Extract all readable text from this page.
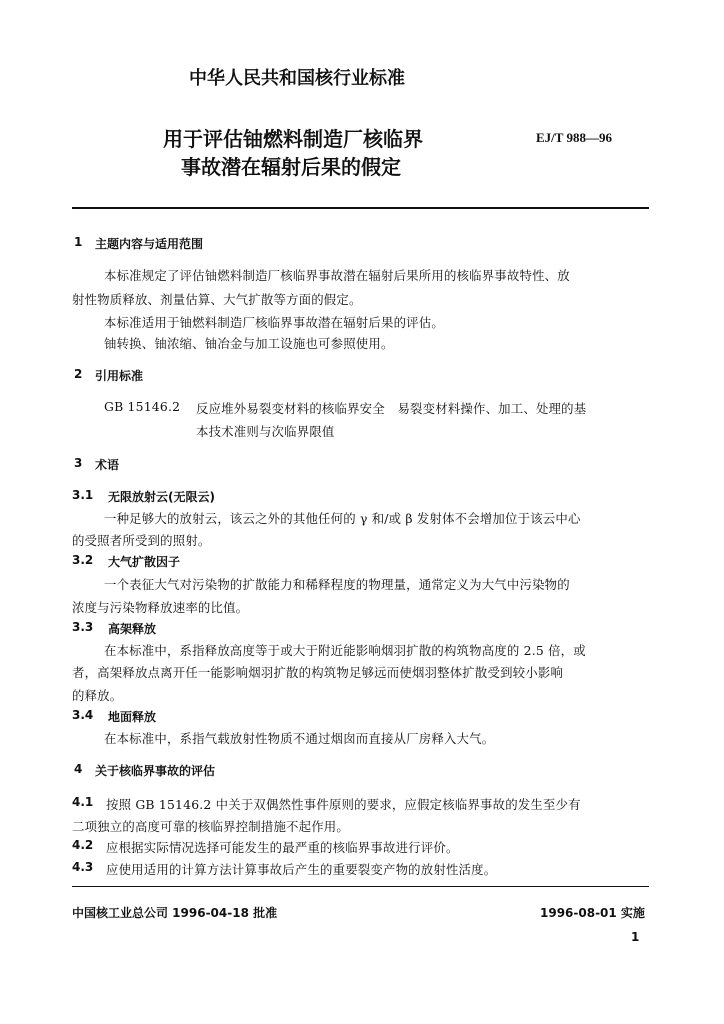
中华人民共和国核行业标准
用于评估铀燃料制造厂核临界
事故潜在辐射后果的假定
EJ/T 988—96
1 主题内容与适用范围
本标准规定了评估铀燃料制造厂核临界事故潜在辐射后果所用的核临界事故特性、放
射性物质释放、剂量估算、大气扩散等方面的假定。
本标准适用于铀燃料制造厂核临界事故潜在辐射后果的评估。
铀转换、铀浓缩、铀冶金与加工设施也可参照使用。
2 引用标准
GB 15146.2 反应堆外易裂变材料的核临界安全　易裂变材料操作、加工、处理的基
本技术准则与次临界限值
3 术语
3.1 无限放射云(无限云)
一种足够大的放射云，该云之外的其他任何的 γ 和/或 β 发射体不会增加位于该云中心
的受照者所受到的照射。
3.2 大气扩散因子
一个表征大气对污染物的扩散能力和稀释程度的物理量，通常定义为大气中污染物的
浓度与污染物释放速率的比值。
3.3 高架释放
在本标准中，系指释放高度等于或大于附近能影响烟羽扩散的构筑物高度的 2.5 倍，或
者，高架释放点离开任一能影响烟羽扩散的构筑物足够远而使烟羽整体扩散受到较小影响
的释放。
3.4 地面释放
在本标准中，系指气载放射性物质不通过烟囱而直接从厂房释入大气。
4 关于核临界事故的评估
4.1 按照 GB 15146.2 中关于双偶然性事件原则的要求，应假定核临界事故的发生至少有
二项独立的高度可靠的核临界控制措施不起作用。
4.2 应根据实际情况选择可能发生的最严重的核临界事故进行评价。
4.3 应使用适用的计算方法计算事故后产生的重要裂变产物的放射性活度。
中国核工业总公司 1996-04-18 批准	1996-08-01 实施
1
